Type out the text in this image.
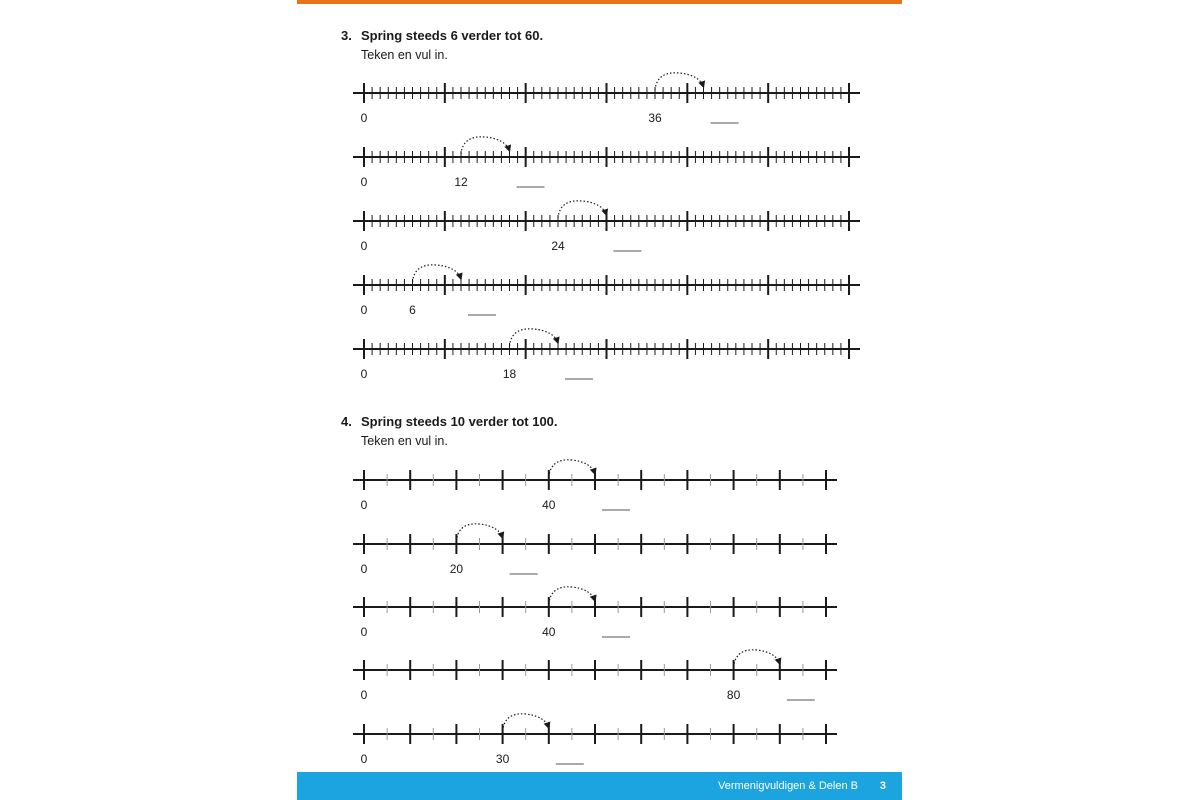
3. Spring steeds 6 verder tot 60.
Teken en vul in.
4. Spring steeds 10 verder tot 100.
Teken en vul in.
0	36
0	12
0	24
0	6
0	18
0	40
0	20
0	40
0	80
0	30
Vermenigvuldigen & Delen B 3
